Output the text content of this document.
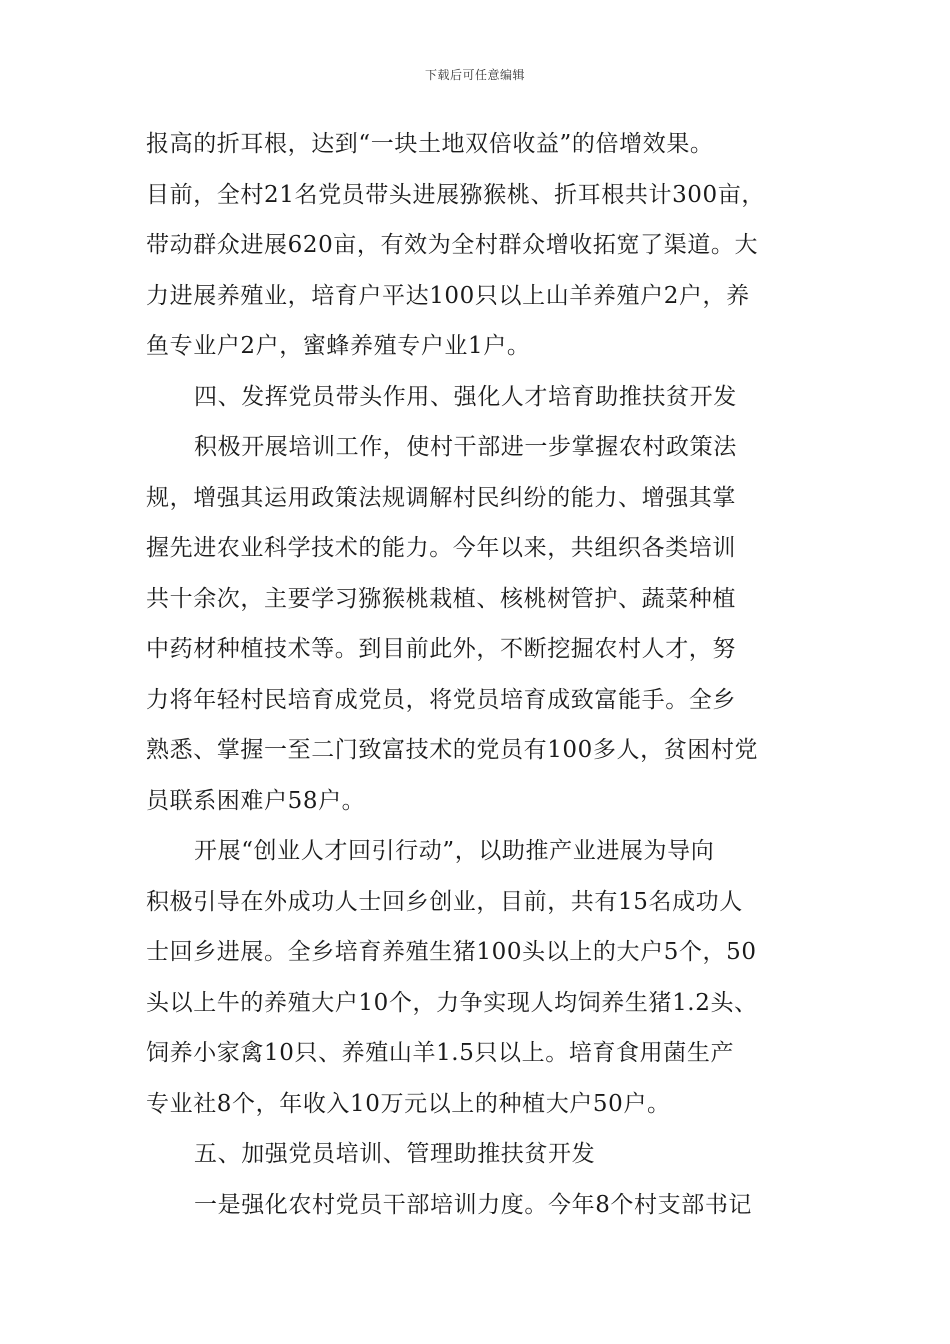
下载后可任意编辑
报高的折耳根，达到“一块土地双倍收益”的倍增效果。
目前，全村21名党员带头进展猕猴桃、折耳根共计300亩，
带动群众进展620亩，有效为全村群众增收拓宽了渠道。大
力进展养殖业，培育户平达100只以上山羊养殖户2户，养
鱼专业户2户，蜜蜂养殖专户业1户。
四、发挥党员带头作用、强化人才培育助推扶贫开发
积极开展培训工作，使村干部进一步掌握农村政策法
规，增强其运用政策法规调解村民纠纷的能力、增强其掌
握先进农业科学技术的能力。今年以来，共组织各类培训
共十余次，主要学习猕猴桃栽植、核桃树管护、蔬菜种植
中药材种植技术等。到目前此外，不断挖掘农村人才，努
力将年轻村民培育成党员，将党员培育成致富能手。全乡
熟悉、掌握一至二门致富技术的党员有100多人，贫困村党
员联系困难户58户。
开展“创业人才回引行动”，以助推产业进展为导向
积极引导在外成功人士回乡创业，目前，共有15名成功人
士回乡进展。全乡培育养殖生猪100头以上的大户5个，50
头以上牛的养殖大户10个，力争实现人均饲养生猪1.2头、
饲养小家禽10只、养殖山羊1.5只以上。培育食用菌生产
专业社8个，年收入10万元以上的种植大户50户。
五、加强党员培训、管理助推扶贫开发
一是强化农村党员干部培训力度。今年8个村支部书记
